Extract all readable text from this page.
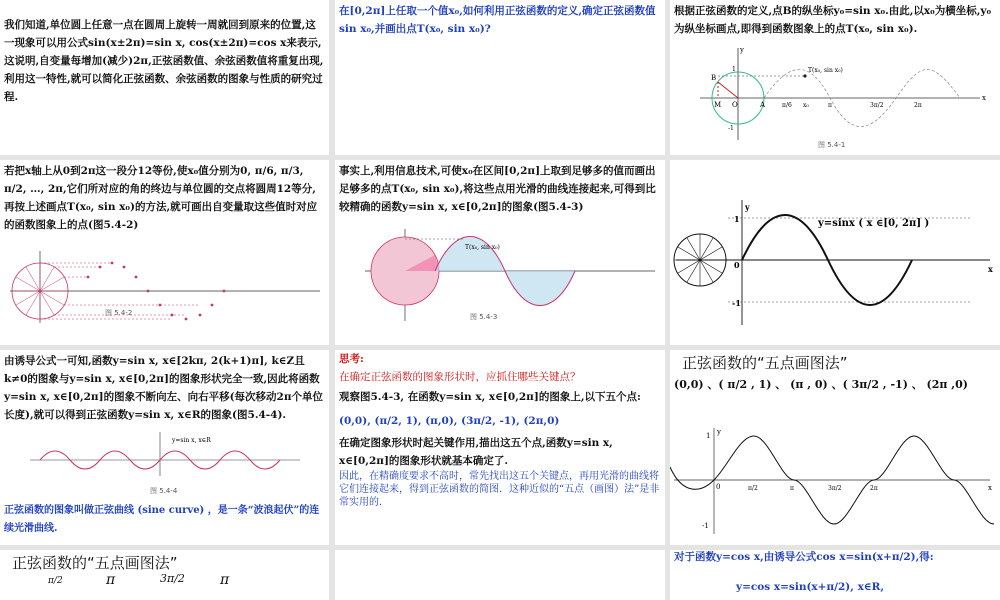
我们知道,单位圆上任意一点在圆周上旋转一周就回到原来的位置,这一现象可以用公式sin(x±2π)=sin x, cos(x±2π)=cos x来表示,这说明,自变量每增加(减少)2π,正弦函数值、余弦函数值将重复出现,利用这一特性,就可以简化正弦函数、余弦函数的图象与性质的研究过程.

在[0,2π]上任取一个值x₀,如何利用正弦函数的定义,确定正弦函数值sin x₀,并画出点T(x₀, sin x₀)?

根据正弦函数的定义,点B的纵坐标y₀=sin x₀.由此,以x₀为横坐标,y₀为纵坐标画点,即得到函数图象上的点T(x₀, sin x₀).

y
x
T(x₀, sin x₀)
B
M O	A
1
-1
π/6 x₀	π	3π/2	2π
图 5.4-1

若把x轴上从0到2π这一段分12等份,使x₀值分别为0, π/6, π/3, π/2, …, 2π,它们所对应的角的终边与单位圆的交点将圆周12等分,再按上述画点T(x₀, sin x₀)的方法,就可画出自变量取这些值时对应的函数图象上的点(图5.4-2)

图 5.4-2

事实上,利用信息技术,可使x₀在区间[0,2π]上取到足够多的值而画出足够多的点T(x₀, sin x₀),将这些点用光滑的曲线连接起来,可得到比较精确的函数y=sin x, x∈[0,2π]的图象(图5.4-3)

T(x₀, sin x₀)
图 5.4-3
y=sinx ( x ∈[0, 2π] )
x
y
0
1
-1

由诱导公式一可知,函数y=sin x, x∈[2kπ, 2(k+1)π], k∈Z且k≠0的图象与y=sin x, x∈[0,2π]的图象形状完全一致,因此将函数y=sin x, x∈[0,2π]的图象不断向左、向右平移(每次移动2π个单位长度),就可以得到正弦函数y=sin x, x∈R的图象(图5.4-4).

y=sin x, x∈R
图 5.4-4

正弦函数的图象叫做正弦曲线 (sine curve) ，是一条“波浪起伏”的连续光滑曲线.

思考:

在确定正弦函数的图象形状时，应抓住哪些关键点？

观察图5.4-3, 在函数y=sin x, x∈[0,2π]的图象上,以下五个点:

(0,0), (π/2, 1), (π,0), (3π/2, -1), (2π,0)

在确定图象形状时起关键作用,描出这五个点,函数y=sin x, x∈[0,2π]的图象形状就基本确定了.

因此，在精确度要求不高时，常先找出这五个关键点，再用光滑的曲线将它们连接起来，得到正弦函数的简图．这种近似的“五点（画图）法”是非常实用的．

正弦函数的“五点画图法”
(0,0) 、( π/2 , 1) 、 (π , 0) 、( 3π/2 , -1) 、 (2π ,0)
x
y
0
1
-1
π/2	π	3π/2	2π
正弦函数的“五点画图法”
π/2	π	3π/2	π

对于函数y=cos x,由诱导公式cos x=sin(x+π/2),得:

y=cos x=sin(x+π/2), x∈R,
